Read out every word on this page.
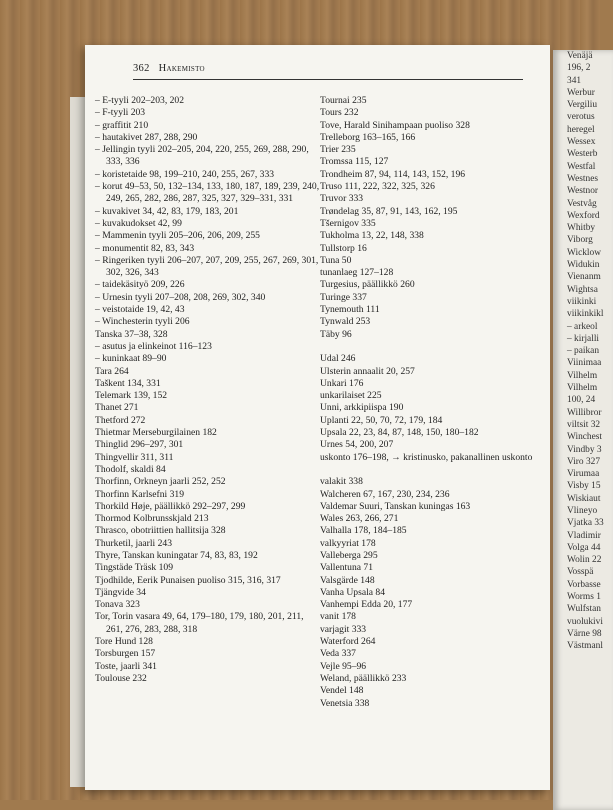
362 Hakemisto
– E-tyyli 202–203, 202
– F-tyyli 203
– graffitit 210
– hautakivet 287, 288, 290
– Jellingin tyyli 202–205, 204, 220, 255, 269, 288, 290, 333, 336
– koristetaide 98, 199–210, 240, 255, 267, 333
– korut 49–53, 50, 132–134, 133, 180, 187, 189, 239, 240, 249, 265, 282, 286, 287, 325, 327, 329–331, 331
– kuvakivet 34, 42, 83, 179, 183, 201
– kuvakudokset 42, 99
– Mammenin tyyli 205–206, 206, 209, 255
– monumentit 82, 83, 343
– Ringeriken tyyli 206–207, 207, 209, 255, 267, 269, 301, 302, 326, 343
– taidekäsityö 209, 226
– Urnesin tyyli 207–208, 208, 269, 302, 340
– veistotaide 19, 42, 43
– Winchesterin tyyli 206
Tanska 37–38, 328
– asutus ja elinkeinot 116–123
– kuninkaat 89–90
Tara 264
Taškent 134, 331
Telemark 139, 152
Thanet 271
Thetford 272
Thietmar Merseburgilainen 182
Thinglid 296–297, 301
Thingvellir 311, 311
Thodolf, skaldi 84
Thorfinn, Orkneyn jaarli 252, 252
Thorfinn Karlsefni 319
Thorkild Høje, päällikkö 292–297, 299
Thormod Kolbrunsskjald 213
Thrasco, obotriittien hallitsija 328
Thurketil, jaarli 243
Thyre, Tanskan kuningatar 74, 83, 83, 192
Tingstäde Träsk 109
Tjodhilde, Eerik Punaisen puoliso 315, 316, 317
Tjängvide 34
Tonava 323
Tor, Torin vasara 49, 64, 179–180, 179, 180, 201, 211, 261, 276, 283, 288, 318
Tore Hund 128
Torsburgen 157
Toste, jaarli 341
Toulouse 232
Tournai 235
Tours 232
Tove, Harald Sinihampaan puoliso 328
Trelleborg 163–165, 166
Trier 235
Tromssa 115, 127
Trondheim 87, 94, 114, 143, 152, 196
Truso 111, 222, 322, 325, 326
Truvor 333
Trøndelag 35, 87, 91, 143, 162, 195
Tšernigov 335
Tukholma 13, 22, 148, 338
Tullstorp 16
Tuna 50
tunanlaeg 127–128
Turgesius, päällikkö 260
Turinge 337
Tynemouth 111
Tynwald 253
Täby 96
Udal 246
Ulsterin annaalit 20, 257
Unkari 176
unkarilaiset 225
Unni, arkkipiispa 190
Uplanti 22, 50, 70, 72, 179, 184
Upsala 22, 23, 84, 87, 148, 150, 180–182
Urnes 54, 200, 207
uskonto 176–198, → kristinusko, pakanallinen uskonto
valakit 338
Walcheren 67, 167, 230, 234, 236
Valdemar Suuri, Tanskan kuningas 163
Wales 263, 266, 271
Valhalla 178, 184–185
valkyyriat 178
Valleberga 295
Vallentuna 71
Valsgärde 148
Vanha Upsala 84
Vanhempi Edda 20, 177
vanit 178
varjagit 333
Waterford 264
Veda 337
Vejle 95–96
Weland, päällikkö 233
Vendel 148
Venetsia 338
Venäjä
196, 2
341
Werbur
Vergiliu
verotus
heregel
Wessex
Westerb
Westfal
Westnes
Westnor
Vestvåg
Wexford
Whitby
Viborg
Wicklow
Widukin
Vienanm
Wightsa
viikinki
viikinkikl
– arkeol
– kirjalli
– paikan
Viinimaa
Vilhelm
Vilhelm
100, 24
Willibror
viltsit 32
Winchest
Vindby 3
Viro 327
Virumaa
Visby 15
Wiskiaut
Vlineyo
Vjatka 33
Vladimir
Volga 44
Wolin 22
Vosspä
Vorbasse
Worms 1
Wulfstan
vuolukivi
Värne 98
Västmanl
